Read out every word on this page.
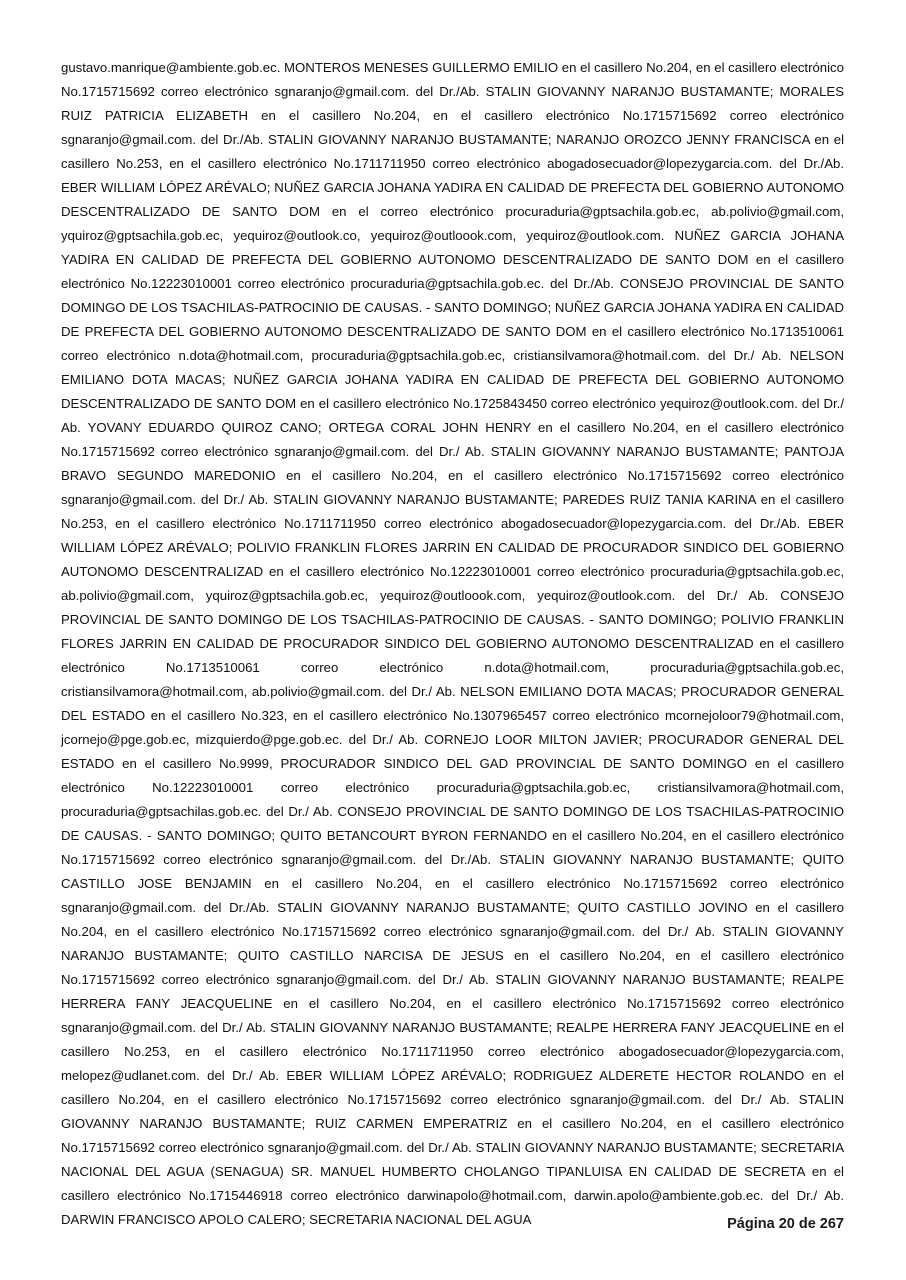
gustavo.manrique@ambiente.gob.ec. MONTEROS MENESES GUILLERMO EMILIO en el casillero No.204, en el casillero electrónico No.1715715692 correo electrónico sgnaranjo@gmail.com. del Dr./Ab. STALIN GIOVANNY NARANJO BUSTAMANTE; MORALES RUIZ PATRICIA ELIZABETH en el casillero No.204, en el casillero electrónico No.1715715692 correo electrónico sgnaranjo@gmail.com. del Dr./Ab. STALIN GIOVANNY NARANJO BUSTAMANTE; NARANJO OROZCO JENNY FRANCISCA en el casillero No.253, en el casillero electrónico No.1711711950 correo electrónico abogadosecuador@lopezygarcia.com. del Dr./Ab. EBER WILLIAM LÓPEZ ARÉVALO; NUÑEZ GARCIA JOHANA YADIRA EN CALIDAD DE PREFECTA DEL GOBIERNO AUTONOMO DESCENTRALIZADO DE SANTO DOM en el correo electrónico procuraduria@gptsachila.gob.ec, ab.polivio@gmail.com, yquiroz@gptsachila.gob.ec, yequiroz@outlook.co, yequiroz@outloook.com, yequiroz@outlook.com. NUÑEZ GARCIA JOHANA YADIRA EN CALIDAD DE PREFECTA DEL GOBIERNO AUTONOMO DESCENTRALIZADO DE SANTO DOM en el casillero electrónico No.12223010001 correo electrónico procuraduria@gptsachila.gob.ec. del Dr./Ab. CONSEJO PROVINCIAL DE SANTO DOMINGO DE LOS TSACHILAS-PATROCINIO DE CAUSAS. - SANTO DOMINGO; NUÑEZ GARCIA JOHANA YADIRA EN CALIDAD DE PREFECTA DEL GOBIERNO AUTONOMO DESCENTRALIZADO DE SANTO DOM en el casillero electrónico No.1713510061 correo electrónico n.dota@hotmail.com, procuraduria@gptsachila.gob.ec, cristiansilvamora@hotmail.com. del Dr./ Ab. NELSON EMILIANO DOTA MACAS; NUÑEZ GARCIA JOHANA YADIRA EN CALIDAD DE PREFECTA DEL GOBIERNO AUTONOMO DESCENTRALIZADO DE SANTO DOM en el casillero electrónico No.1725843450 correo electrónico yequiroz@outlook.com. del Dr./ Ab. YOVANY EDUARDO QUIROZ CANO; ORTEGA CORAL JOHN HENRY en el casillero No.204, en el casillero electrónico No.1715715692 correo electrónico sgnaranjo@gmail.com. del Dr./ Ab. STALIN GIOVANNY NARANJO BUSTAMANTE; PANTOJA BRAVO SEGUNDO MAREDONIO en el casillero No.204, en el casillero electrónico No.1715715692 correo electrónico sgnaranjo@gmail.com. del Dr./ Ab. STALIN GIOVANNY NARANJO BUSTAMANTE; PAREDES RUIZ TANIA KARINA en el casillero No.253, en el casillero electrónico No.1711711950 correo electrónico abogadosecuador@lopezygarcia.com. del Dr./Ab. EBER WILLIAM LÓPEZ ARÉVALO; POLIVIO FRANKLIN FLORES JARRIN EN CALIDAD DE PROCURADOR SINDICO DEL GOBIERNO AUTONOMO DESCENTRALIZAD en el casillero electrónico No.12223010001 correo electrónico procuraduria@gptsachila.gob.ec, ab.polivio@gmail.com, yquiroz@gptsachila.gob.ec, yequiroz@outloook.com, yequiroz@outlook.com. del Dr./ Ab. CONSEJO PROVINCIAL DE SANTO DOMINGO DE LOS TSACHILAS-PATROCINIO DE CAUSAS. - SANTO DOMINGO; POLIVIO FRANKLIN FLORES JARRIN EN CALIDAD DE PROCURADOR SINDICO DEL GOBIERNO AUTONOMO DESCENTRALIZAD en el casillero electrónico No.1713510061 correo electrónico n.dota@hotmail.com, procuraduria@gptsachila.gob.ec, cristiansilvamora@hotmail.com, ab.polivio@gmail.com. del Dr./ Ab. NELSON EMILIANO DOTA MACAS; PROCURADOR GENERAL DEL ESTADO en el casillero No.323, en el casillero electrónico No.1307965457 correo electrónico mcornejoloor79@hotmail.com, jcornejo@pge.gob.ec, mizquierdo@pge.gob.ec. del Dr./ Ab. CORNEJO LOOR MILTON JAVIER; PROCURADOR GENERAL DEL ESTADO en el casillero No.9999, PROCURADOR SINDICO DEL GAD PROVINCIAL DE SANTO DOMINGO en el casillero electrónico No.12223010001 correo electrónico procuraduria@gptsachila.gob.ec, cristiansilvamora@hotmail.com, procuraduria@gptsachilas.gob.ec. del Dr./ Ab. CONSEJO PROVINCIAL DE SANTO DOMINGO DE LOS TSACHILAS-PATROCINIO DE CAUSAS. - SANTO DOMINGO; QUITO BETANCOURT BYRON FERNANDO en el casillero No.204, en el casillero electrónico No.1715715692 correo electrónico sgnaranjo@gmail.com. del Dr./Ab. STALIN GIOVANNY NARANJO BUSTAMANTE; QUITO CASTILLO JOSE BENJAMIN en el casillero No.204, en el casillero electrónico No.1715715692 correo electrónico sgnaranjo@gmail.com. del Dr./Ab. STALIN GIOVANNY NARANJO BUSTAMANTE; QUITO CASTILLO JOVINO en el casillero No.204, en el casillero electrónico No.1715715692 correo electrónico sgnaranjo@gmail.com. del Dr./ Ab. STALIN GIOVANNY NARANJO BUSTAMANTE; QUITO CASTILLO NARCISA DE JESUS en el casillero No.204, en el casillero electrónico No.1715715692 correo electrónico sgnaranjo@gmail.com. del Dr./ Ab. STALIN GIOVANNY NARANJO BUSTAMANTE; REALPE HERRERA FANY JEACQUELINE en el casillero No.204, en el casillero electrónico No.1715715692 correo electrónico sgnaranjo@gmail.com. del Dr./ Ab. STALIN GIOVANNY NARANJO BUSTAMANTE; REALPE HERRERA FANY JEACQUELINE en el casillero No.253, en el casillero electrónico No.1711711950 correo electrónico abogadosecuador@lopezygarcia.com, melopez@udlanet.com. del Dr./ Ab. EBER WILLIAM LÓPEZ ARÉVALO; RODRIGUEZ ALDERETE HECTOR ROLANDO en el casillero No.204, en el casillero electrónico No.1715715692 correo electrónico sgnaranjo@gmail.com. del Dr./ Ab. STALIN GIOVANNY NARANJO BUSTAMANTE; RUIZ CARMEN EMPERATRIZ en el casillero No.204, en el casillero electrónico No.1715715692 correo electrónico sgnaranjo@gmail.com. del Dr./ Ab. STALIN GIOVANNY NARANJO BUSTAMANTE; SECRETARIA NACIONAL DEL AGUA (SENAGUA) SR. MANUEL HUMBERTO CHOLANGO TIPANLUISA EN CALIDAD DE SECRETA en el casillero electrónico No.1715446918 correo electrónico darwinapolo@hotmail.com, darwin.apolo@ambiente.gob.ec. del Dr./ Ab. DARWIN FRANCISCO APOLO CALERO; SECRETARIA NACIONAL DEL AGUA	Página 20 de 267
